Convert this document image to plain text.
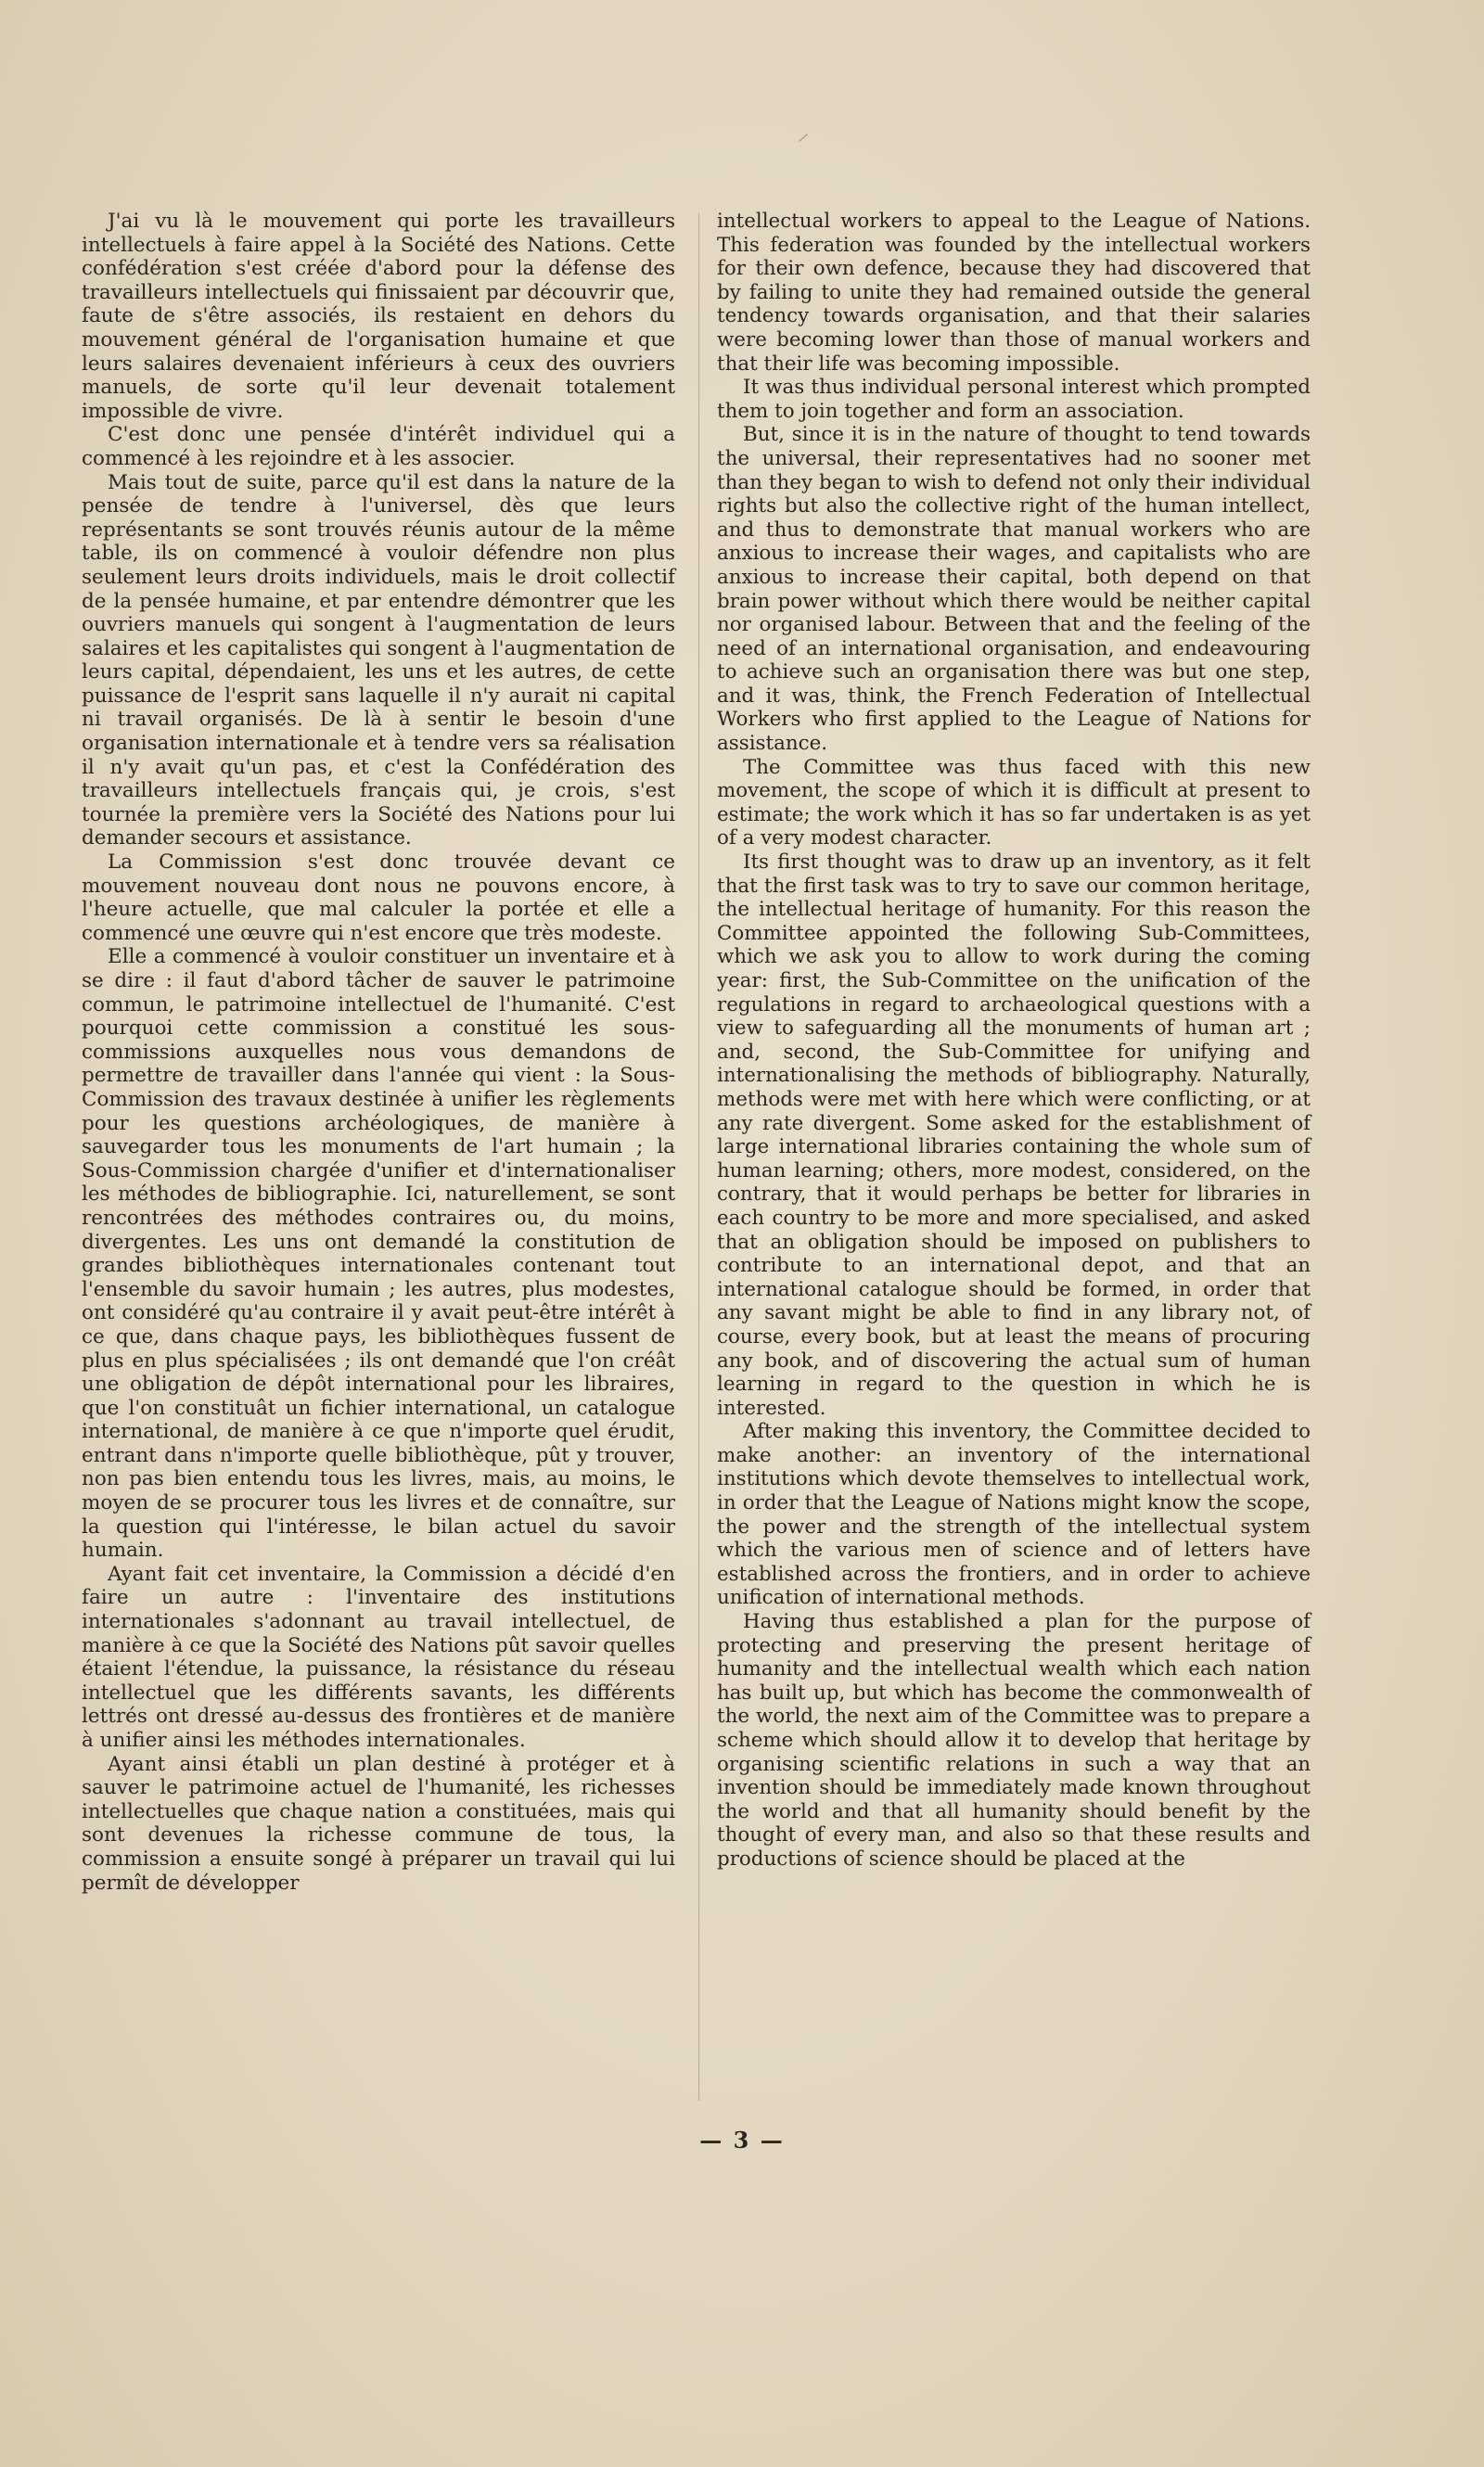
J'ai vu là le mouvement qui porte les travailleurs intellectuels à faire appel à la Société des Nations. Cette confédération s'est créée d'abord pour la défense des travailleurs intellectuels qui finissaient par découvrir que, faute de s'être associés, ils restaient en dehors du mouvement général de l'organisation humaine et que leurs salaires devenaient inférieurs à ceux des ouvriers manuels, de sorte qu'il leur devenait totalement impossible de vivre.

C'est donc une pensée d'intérêt individuel qui a commencé à les rejoindre et à les associer.

Mais tout de suite, parce qu'il est dans la nature de la pensée de tendre à l'universel, dès que leurs représentants se sont trouvés réunis autour de la même table, ils on commencé à vouloir défendre non plus seulement leurs droits individuels, mais le droit collectif de la pensée humaine, et par entendre démontrer que les ouvriers manuels qui songent à l'augmentation de leurs salaires et les capitalistes qui songent à l'augmentation de leurs capital, dépendaient, les uns et les autres, de cette puissance de l'esprit sans laquelle il n'y aurait ni capital ni travail organisés. De là à sentir le besoin d'une organisation internationale et à tendre vers sa réalisation il n'y avait qu'un pas, et c'est la Confédération des travailleurs intellectuels français qui, je crois, s'est tournée la première vers la Société des Nations pour lui demander secours et assistance.

La Commission s'est donc trouvée devant ce mouvement nouveau dont nous ne pouvons encore, à l'heure actuelle, que mal calculer la portée et elle a commencé une œuvre qui n'est encore que très modeste.

Elle a commencé à vouloir constituer un inventaire et à se dire : il faut d'abord tâcher de sauver le patrimoine commun, le patrimoine intellectuel de l'humanité. C'est pourquoi cette commission a constitué les sous-commissions auxquelles nous vous demandons de permettre de travailler dans l'année qui vient : la Sous-Commission des travaux destinée à unifier les règlements pour les questions archéologiques, de manière à sauvegarder tous les monuments de l'art humain ; la Sous-Commission chargée d'unifier et d'internationaliser les méthodes de bibliographie. Ici, naturellement, se sont rencontrées des méthodes contraires ou, du moins, divergentes. Les uns ont demandé la constitution de grandes bibliothèques internationales contenant tout l'ensemble du savoir humain ; les autres, plus modestes, ont considéré qu'au contraire il y avait peut-être intérêt à ce que, dans chaque pays, les bibliothèques fussent de plus en plus spécialisées ; ils ont demandé que l'on créât une obligation de dépôt international pour les libraires, que l'on constituât un fichier international, un catalogue international, de manière à ce que n'importe quel érudit, entrant dans n'importe quelle bibliothèque, pût y trouver, non pas bien entendu tous les livres, mais, au moins, le moyen de se procurer tous les livres et de connaître, sur la question qui l'intéresse, le bilan actuel du savoir humain.

Ayant fait cet inventaire, la Commission a décidé d'en faire un autre : l'inventaire des institutions internationales s'adonnant au travail intellectuel, de manière à ce que la Société des Nations pût savoir quelles étaient l'étendue, la puissance, la résistance du réseau intellectuel que les différents savants, les différents lettrés ont dressé au-dessus des frontières et de manière à unifier ainsi les méthodes internationales.

Ayant ainsi établi un plan destiné à protéger et à sauver le patrimoine actuel de l'humanité, les richesses intellectuelles que chaque nation a constituées, mais qui sont devenues la richesse commune de tous, la commission a ensuite songé à préparer un travail qui lui permît de développer

intellectual workers to appeal to the League of Nations. This federation was founded by the intellectual workers for their own defence, because they had discovered that by failing to unite they had remained outside the general tendency towards organisation, and that their salaries were becoming lower than those of manual workers and that their life was becoming impossible.

It was thus individual personal interest which prompted them to join together and form an association.

But, since it is in the nature of thought to tend towards the universal, their representatives had no sooner met than they began to wish to defend not only their individual rights but also the collective right of the human intellect, and thus to demonstrate that manual workers who are anxious to increase their wages, and capitalists who are anxious to increase their capital, both depend on that brain power without which there would be neither capital nor organised labour. Between that and the feeling of the need of an international organisation, and endeavouring to achieve such an organisation there was but one step, and it was, think, the French Federation of Intellectual Workers who first applied to the League of Nations for assistance.

The Committee was thus faced with this new movement, the scope of which it is difficult at present to estimate; the work which it has so far undertaken is as yet of a very modest character.

Its first thought was to draw up an inventory, as it felt that the first task was to try to save our common heritage, the intellectual heritage of humanity. For this reason the Committee appointed the following Sub-Committees, which we ask you to allow to work during the coming year: first, the Sub-Committee on the unification of the regulations in regard to archaeological questions with a view to safeguarding all the monuments of human art ; and, second, the Sub-Committee for unifying and internationalising the methods of bibliography. Naturally, methods were met with here which were conflicting, or at any rate divergent. Some asked for the establishment of large international libraries containing the whole sum of human learning; others, more modest, considered, on the contrary, that it would perhaps be better for libraries in each country to be more and more specialised, and asked that an obligation should be imposed on publishers to contribute to an international depot, and that an international catalogue should be formed, in order that any savant might be able to find in any library not, of course, every book, but at least the means of procuring any book, and of discovering the actual sum of human learning in regard to the question in which he is interested.

After making this inventory, the Committee decided to make another: an inventory of the international institutions which devote themselves to intellectual work, in order that the League of Nations might know the scope, the power and the strength of the intellectual system which the various men of science and of letters have established across the frontiers, and in order to achieve unification of international methods.

Having thus established a plan for the purpose of protecting and preserving the present heritage of humanity and the intellectual wealth which each nation has built up, but which has become the commonwealth of the world, the next aim of the Committee was to prepare a scheme which should allow it to develop that heritage by organising scientific relations in such a way that an invention should be immediately made known throughout the world and that all humanity should benefit by the thought of every man, and also so that these results and productions of science should be placed at the

— 3 —
